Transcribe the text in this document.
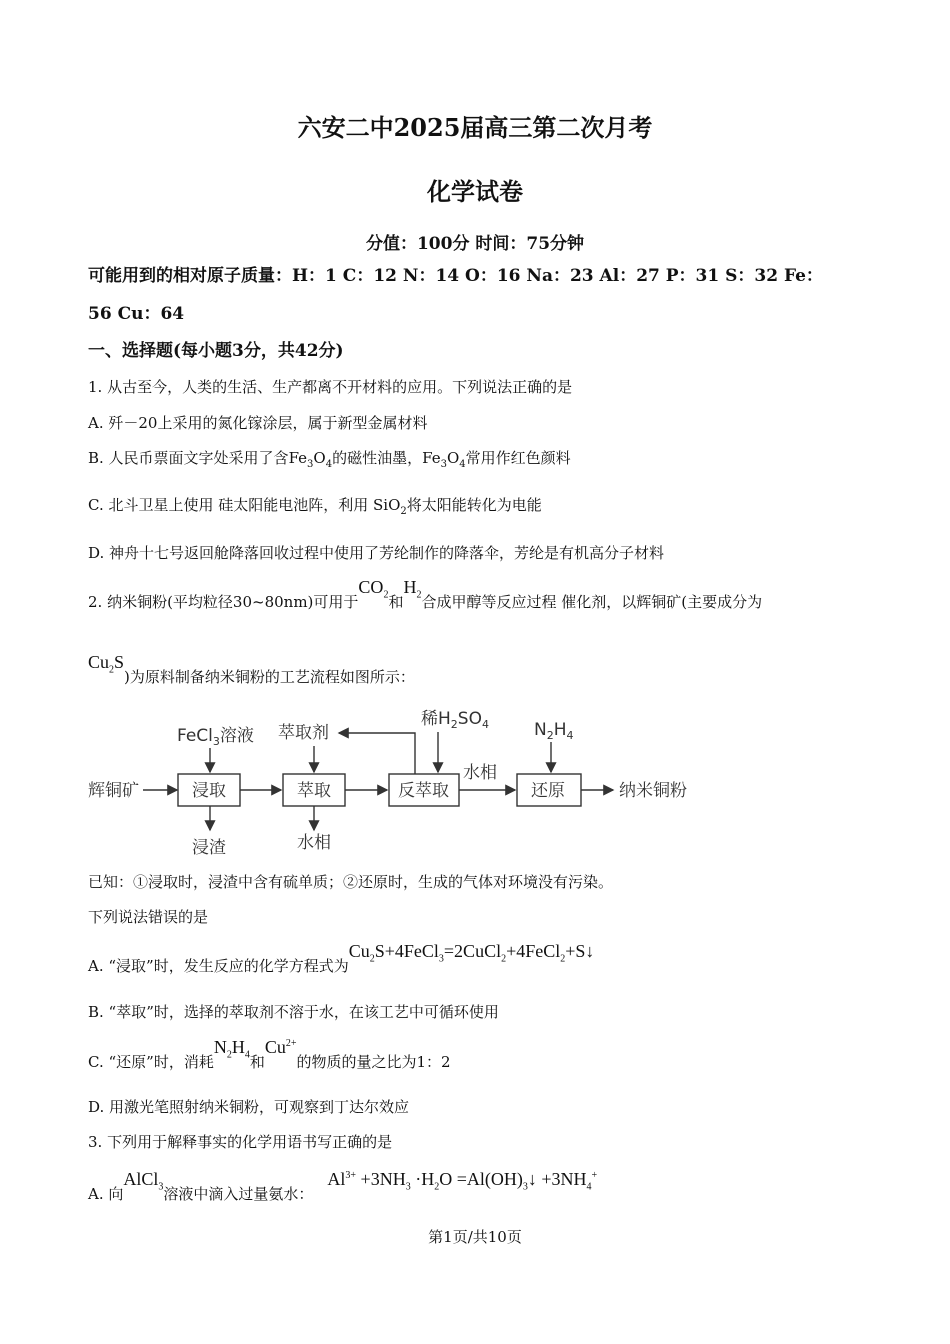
六安二中2025届高三第二次月考
化学试卷
分值：100分 时间：75分钟
可能用到的相对原子质量：H：1 C：12 N：14 O：16 Na：23 Al：27 P：31 S：32 Fe：
56 Cu：64
一、选择题(每小题3分，共42分)
1. 从古至今，人类的生活、生产都离不开材料的应用。下列说法正确的是
A. 歼－20上采用的氮化镓涂层，属于新型金属材料
B. 人民币票面文字处采用了含$Fe_3O_4$的磁性油墨，$Fe_3O_4$常用作红色颜料
C. 北斗卫星上使用 硅太阳能电池阵，利用 SiO$_2$将太阳能转化为电能
D. 神舟十七号返回舱降落回收过程中使用了芳纶制作的降落伞，芳纶是有机高分子材料
2. 纳米铜粉(平均粒径30~80nm)可用于$CO_2$和$H_2$合成甲醇等反应过程 催化剂，以辉铜矿(主要成分为
$Cu_2S$)为原料制备纳米铜粉的工艺流程如图所示：
辉铜矿
FeCl$_3$溶液
浸取
浸渣
萃取剂
萃取
水相
稀$H_2SO_4$
反萃取
水相
$N_2H_4$
还原	纳米铜粉
已知：①浸取时，浸渣中含有硫单质；②还原时，生成的气体对环境没有污染。
下列说法错误的是
A. “浸取”时，发生反应的化学方程式为$Cu_2S+4FeCl_3=2CuCl_2+4FeCl_2+S↓$
B. “萃取”时，选择的萃取剂不溶于水，在该工艺中可循环使用
C. “还原”时，消耗$N_2H_4$和$Cu^{2+}$的物质的量之比为1：2
D. 用激光笔照射纳米铜粉，可观察到丁达尔效应
3. 下列用于解释事实的化学用语书写正确的是
A. 向AlCl$_3$溶液中滴入过量氨水：$Al^{3+} +3NH_3 \cdot H_2O$ $=Al(OH)_3↓ +3NH_4^+$
第1页/共10页
